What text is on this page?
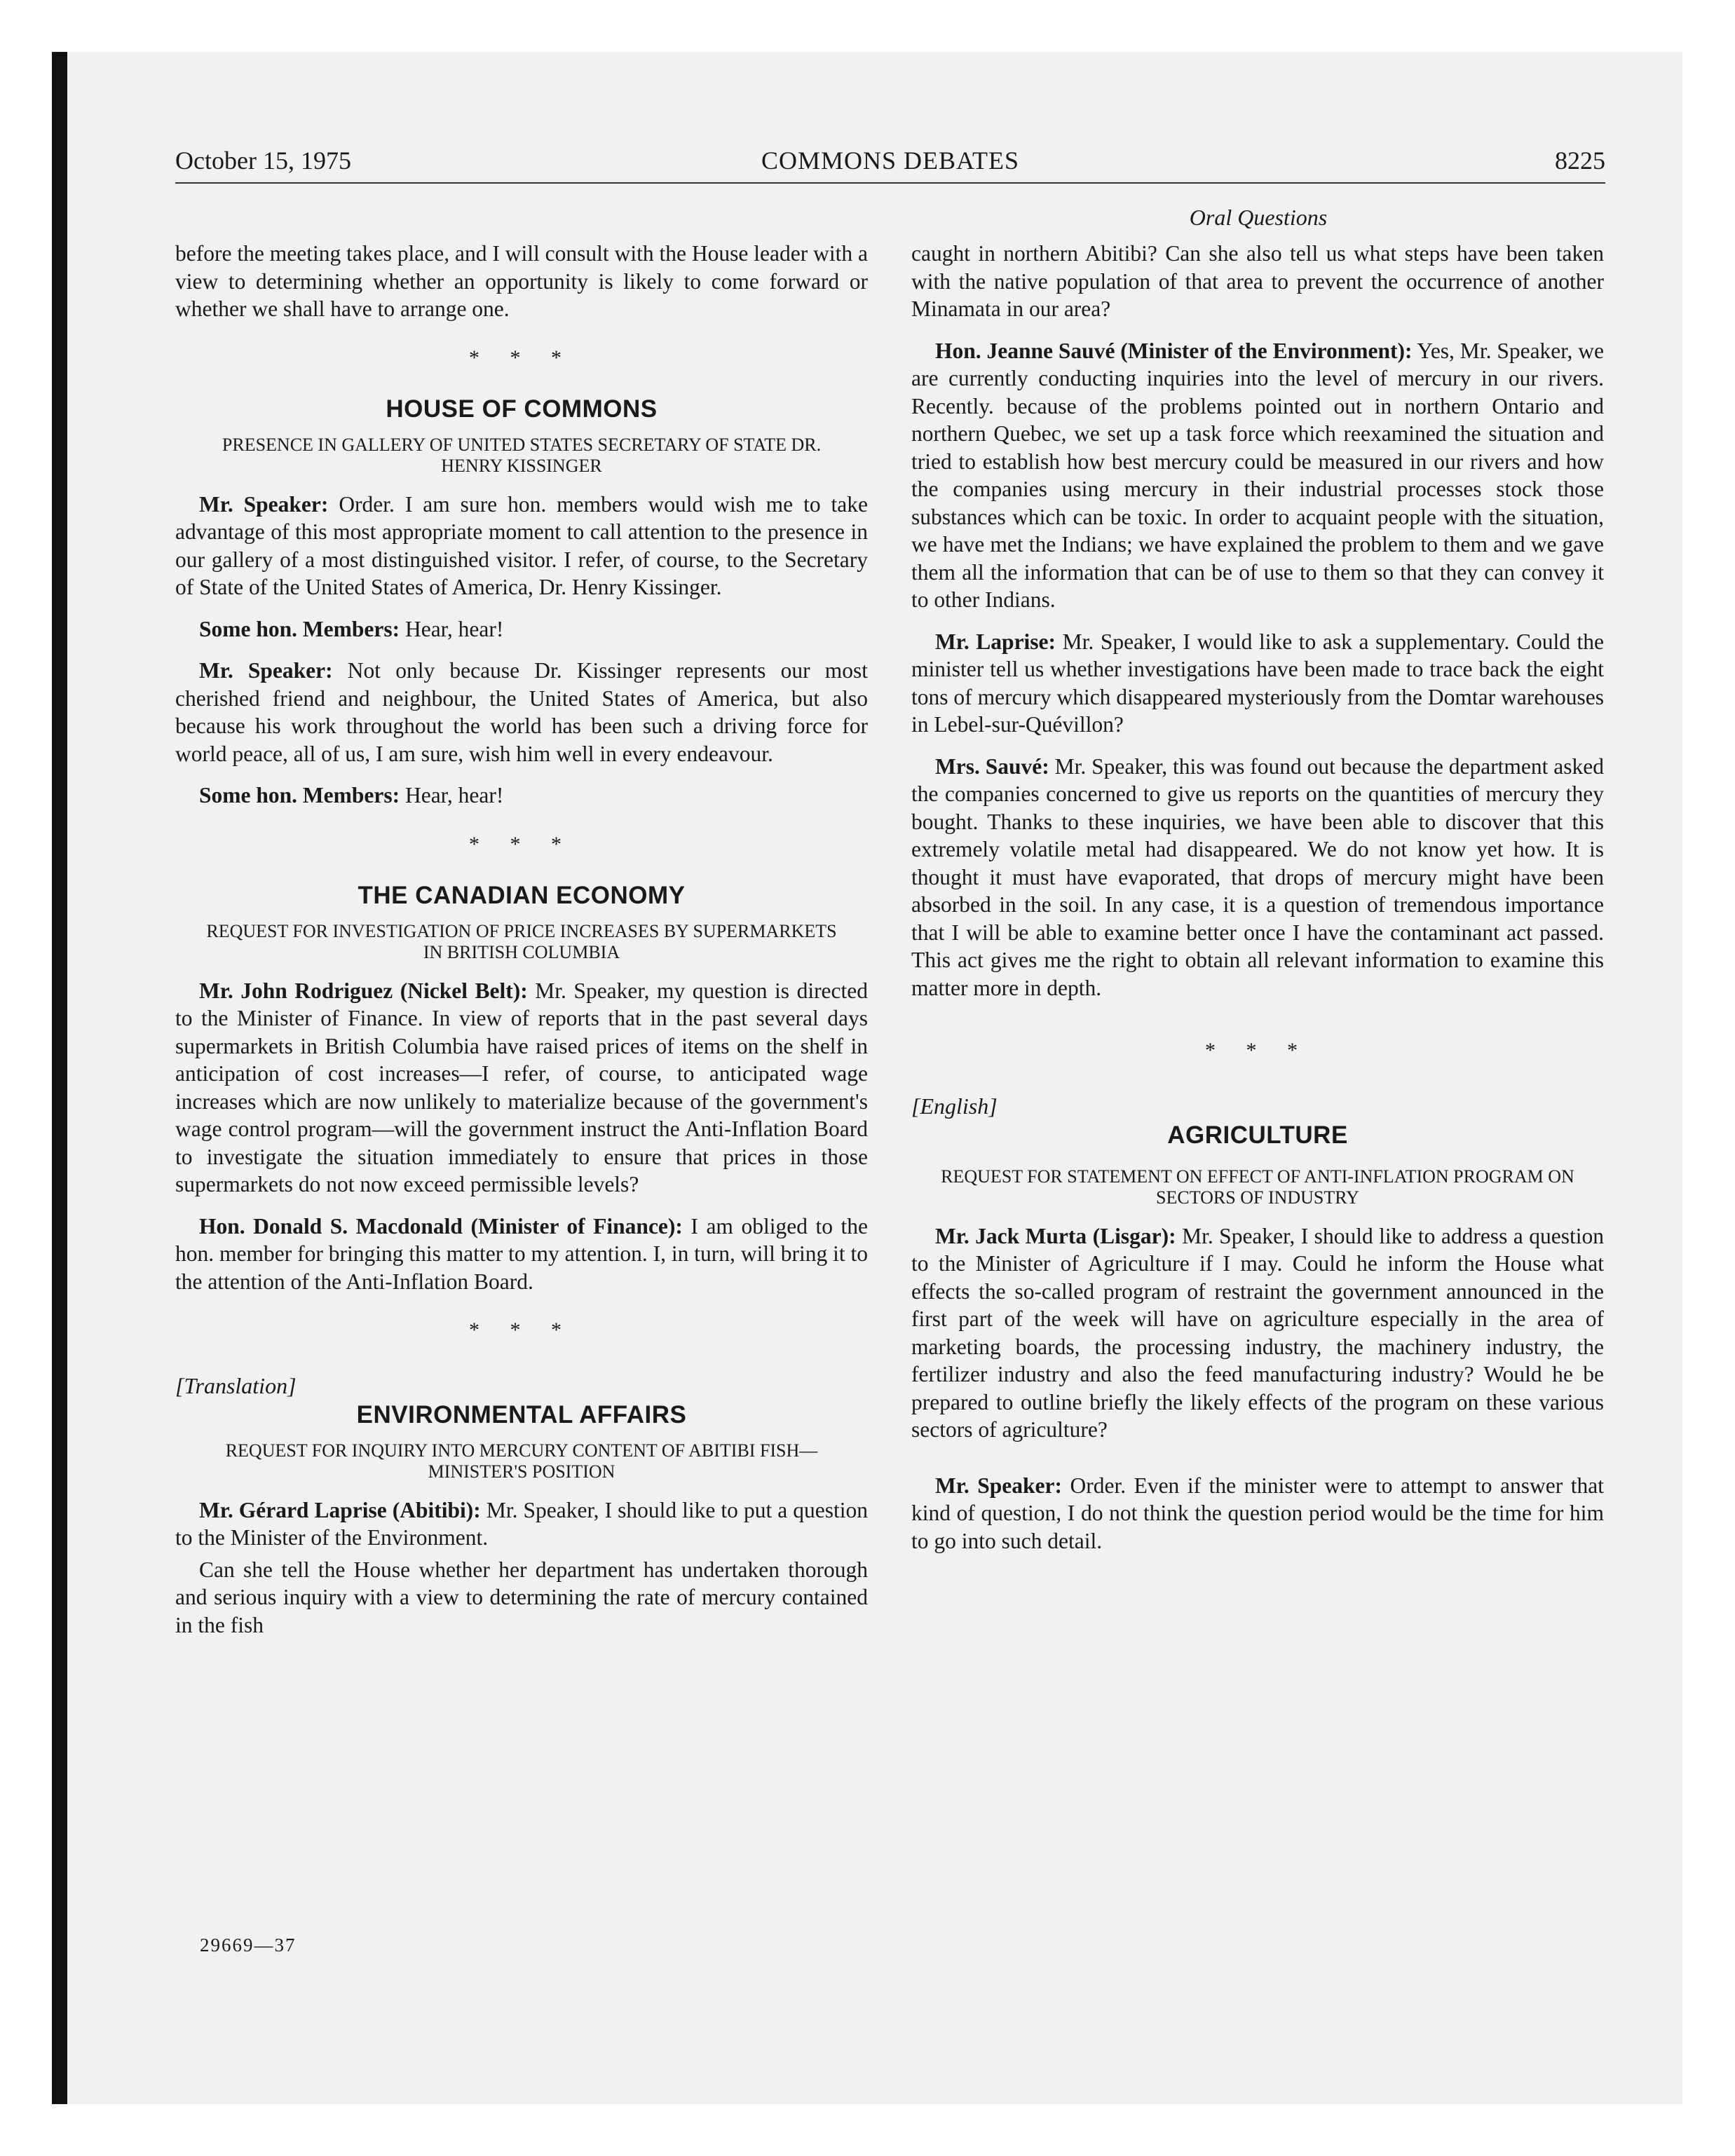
October 15, 1975	COMMONS DEBATES	8225
Oral Questions

before the meeting takes place, and I will consult with the House leader with a view to determining whether an opportunity is likely to come forward or whether we shall have to arrange one.

* * *
HOUSE OF COMMONS
PRESENCE IN GALLERY OF UNITED STATES SECRETARY OF STATE DR. HENRY KISSINGER

Mr. Speaker: Order. I am sure hon. members would wish me to take advantage of this most appropriate moment to call attention to the presence in our gallery of a most distinguished visitor. I refer, of course, to the Secretary of State of the United States of America, Dr. Henry Kissinger.

Some hon. Members: Hear, hear!

Mr. Speaker: Not only because Dr. Kissinger represents our most cherished friend and neighbour, the United States of America, but also because his work throughout the world has been such a driving force for world peace, all of us, I am sure, wish him well in every endeavour.

Some hon. Members: Hear, hear!

* * *
THE CANADIAN ECONOMY
REQUEST FOR INVESTIGATION OF PRICE INCREASES BY SUPERMARKETS IN BRITISH COLUMBIA

Mr. John Rodriguez (Nickel Belt): Mr. Speaker, my question is directed to the Minister of Finance. In view of reports that in the past several days supermarkets in British Columbia have raised prices of items on the shelf in anticipation of cost increases—I refer, of course, to anticipated wage increases which are now unlikely to materialize because of the government's wage control program—will the government instruct the Anti-Inflation Board to investigate the situation immediately to ensure that prices in those supermarkets do not now exceed permissible levels?

Hon. Donald S. Macdonald (Minister of Finance): I am obliged to the hon. member for bringing this matter to my attention. I, in turn, will bring it to the attention of the Anti-Inflation Board.

* * *
[Translation]
ENVIRONMENTAL AFFAIRS
REQUEST FOR INQUIRY INTO MERCURY CONTENT OF ABITIBI FISH—MINISTER'S POSITION

Mr. Gérard Laprise (Abitibi): Mr. Speaker, I should like to put a question to the Minister of the Environment.

Can she tell the House whether her department has undertaken thorough and serious inquiry with a view to determining the rate of mercury contained in the fish

caught in northern Abitibi? Can she also tell us what steps have been taken with the native population of that area to prevent the occurrence of another Minamata in our area?

Hon. Jeanne Sauvé (Minister of the Environment): Yes, Mr. Speaker, we are currently conducting inquiries into the level of mercury in our rivers. Recently. because of the problems pointed out in northern Ontario and northern Quebec, we set up a task force which reexamined the situation and tried to establish how best mercury could be measured in our rivers and how the companies using mercury in their industrial processes stock those substances which can be toxic. In order to acquaint people with the situation, we have met the Indians; we have explained the problem to them and we gave them all the information that can be of use to them so that they can convey it to other Indians.

Mr. Laprise: Mr. Speaker, I would like to ask a supplementary. Could the minister tell us whether investigations have been made to trace back the eight tons of mercury which disappeared mysteriously from the Domtar warehouses in Lebel-sur-Quévillon?

Mrs. Sauvé: Mr. Speaker, this was found out because the department asked the companies concerned to give us reports on the quantities of mercury they bought. Thanks to these inquiries, we have been able to discover that this extremely volatile metal had disappeared. We do not know yet how. It is thought it must have evaporated, that drops of mercury might have been absorbed in the soil. In any case, it is a question of tremendous importance that I will be able to examine better once I have the contaminant act passed. This act gives me the right to obtain all relevant information to examine this matter more in depth.

* * *
[English]
AGRICULTURE
REQUEST FOR STATEMENT ON EFFECT OF ANTI-INFLATION PROGRAM ON SECTORS OF INDUSTRY

Mr. Jack Murta (Lisgar): Mr. Speaker, I should like to address a question to the Minister of Agriculture if I may. Could he inform the House what effects the so-called program of restraint the government announced in the first part of the week will have on agriculture especially in the area of marketing boards, the processing industry, the machinery industry, the fertilizer industry and also the feed manufacturing industry? Would he be prepared to outline briefly the likely effects of the program on these various sectors of agriculture?

Mr. Speaker: Order. Even if the minister were to attempt to answer that kind of question, I do not think the question period would be the time for him to go into such detail.

29669—37
